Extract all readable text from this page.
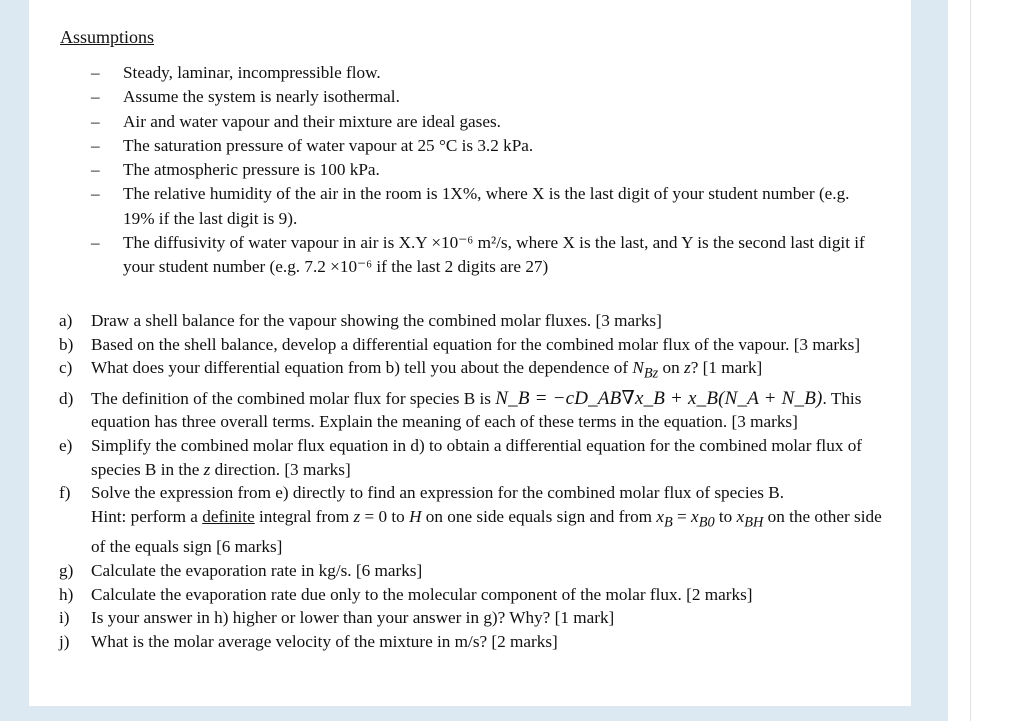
Assumptions
– Steady, laminar, incompressible flow.
– Assume the system is nearly isothermal.
– Air and water vapour and their mixture are ideal gases.
– The saturation pressure of water vapour at 25 °C is 3.2 kPa.
– The atmospheric pressure is 100 kPa.
– The relative humidity of the air in the room is 1X%, where X is the last digit of your student number (e.g. 19% if the last digit is 9).
– The diffusivity of water vapour in air is X.Y ×10⁻⁶ m²/s, where X is the last, and Y is the second last digit if your student number (e.g. 7.2 ×10⁻⁶ if the last 2 digits are 27)
a) Draw a shell balance for the vapour showing the combined molar fluxes. [3 marks]
b) Based on the shell balance, develop a differential equation for the combined molar flux of the vapour. [3 marks]
c) What does your differential equation from b) tell you about the dependence of $N_{Bz}$ on z? [1 mark]
d) The definition of the combined molar flux for species B is N_B = −cD_AB∇x_B + x_B(N_A + N_B). This equation has three overall terms. Explain the meaning of each of these terms in the equation. [3 marks]
e) Simplify the combined molar flux equation in d) to obtain a differential equation for the combined molar flux of species B in the z direction. [3 marks]
f) Solve the expression from e) directly to find an expression for the combined molar flux of species B.
Hint: perform a definite integral from z = 0 to H on one side equals sign and from $x_B = x_{B0}$ to $x_{BH}$ on the other side of the equals sign [6 marks]
g) Calculate the evaporation rate in kg/s. [6 marks]
h) Calculate the evaporation rate due only to the molecular component of the molar flux. [2 marks]
i) Is your answer in h) higher or lower than your answer in g)? Why? [1 mark]
j) What is the molar average velocity of the mixture in m/s? [2 marks]
